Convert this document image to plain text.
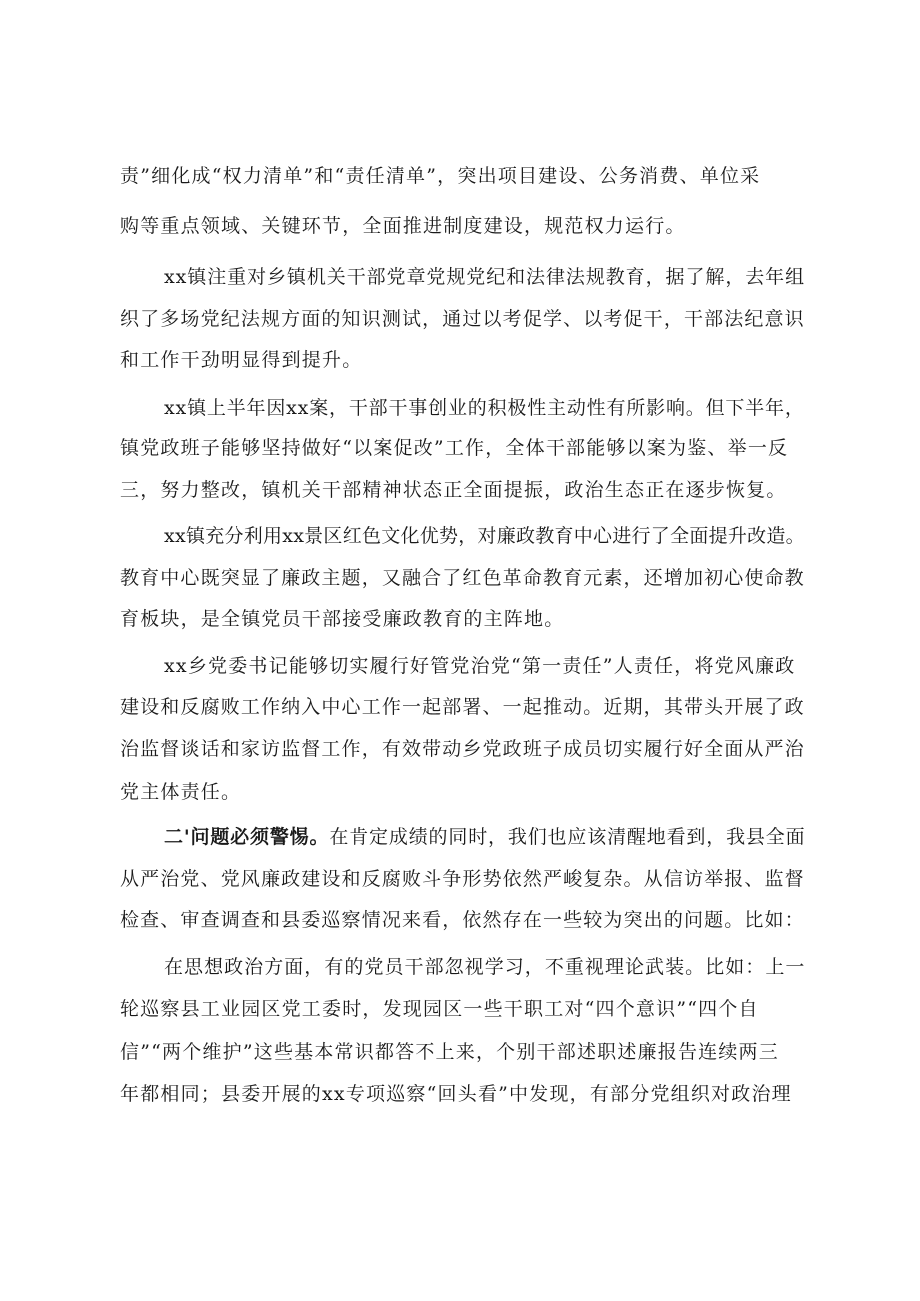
责”细化成“权力清单”和“责任清单”，突出项目建设、公务消费、单位采
购等重点领域、关键环节，全面推进制度建设，规范权力运行。
xx镇注重对乡镇机关干部党章党规党纪和法律法规教育，据了解，去年组
织了多场党纪法规方面的知识测试，通过以考促学、以考促干，干部法纪意识
和工作干劲明显得到提升。
xx镇上半年因xx案，干部干事创业的积极性主动性有所影响。但下半年，
镇党政班子能够坚持做好“以案促改”工作，全体干部能够以案为鉴、举一反
三，努力整改，镇机关干部精神状态正全面提振，政治生态正在逐步恢复。
xx镇充分利用xx景区红色文化优势，对廉政教育中心进行了全面提升改造。
教育中心既突显了廉政主题，又融合了红色革命教育元素，还增加初心使命教
育板块，是全镇党员干部接受廉政教育的主阵地。
xx乡党委书记能够切实履行好管党治党“第一责任”人责任，将党风廉政
建设和反腐败工作纳入中心工作一起部署、一起推动。近期，其带头开展了政
治监督谈话和家访监督工作，有效带动乡党政班子成员切实履行好全面从严治
党主体责任。
二'问题必须警惕。在肯定成绩的同时，我们也应该清醒地看到，我县全面
从严治党、党风廉政建设和反腐败斗争形势依然严峻复杂。从信访举报、监督
检查、审查调查和县委巡察情况来看，依然存在一些较为突出的问题。比如：
在思想政治方面，有的党员干部忽视学习，不重视理论武装。比如：上一
轮巡察县工业园区党工委时，发现园区一些干职工对“四个意识”“四个自
信”“两个维护”这些基本常识都答不上来，个别干部述职述廉报告连续两三
年都相同；县委开展的xx专项巡察“回头看”中发现，有部分党组织对政治理
